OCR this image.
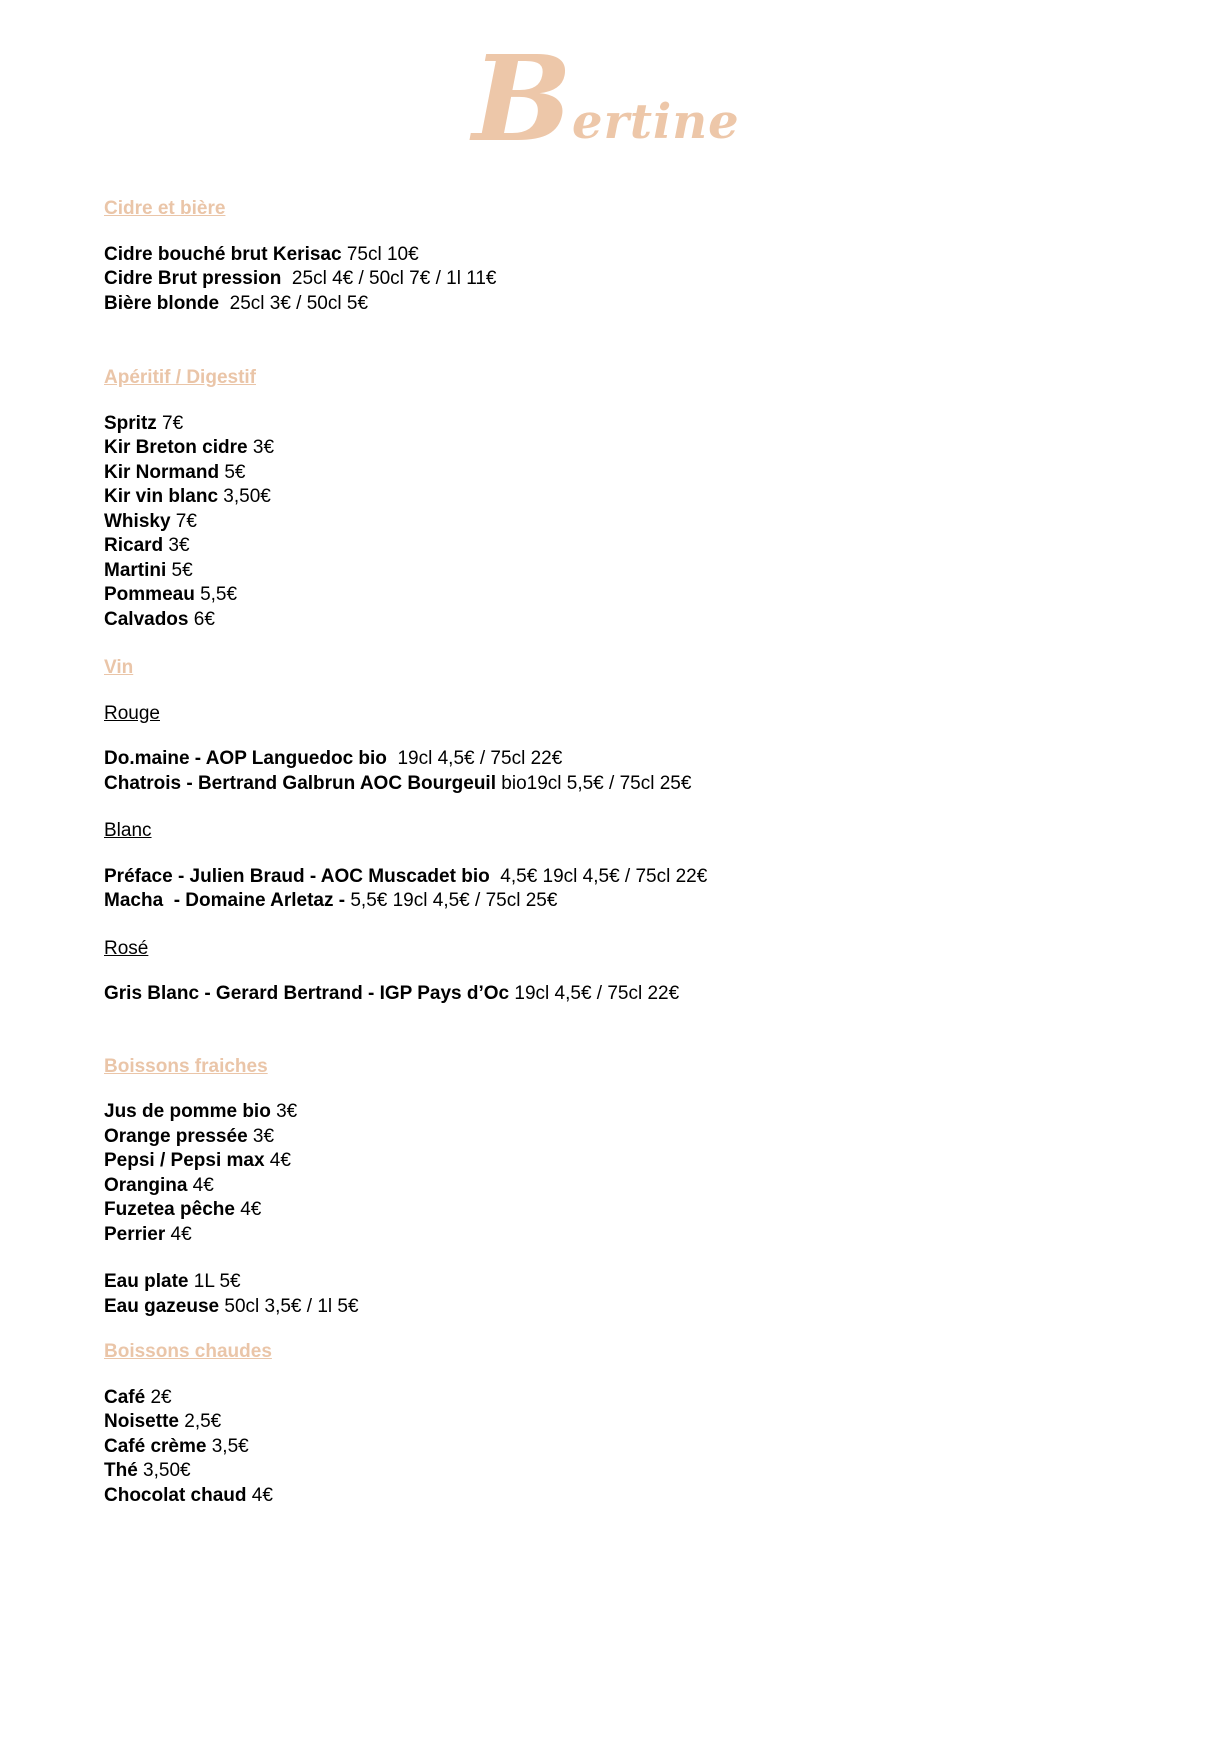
B ertine
Cidre et bière
Cidre bouché brut Kerisac 75cl 10€
Cidre Brut pression  25cl 4€ / 50cl 7€ / 1l 11€
Bière blonde  25cl 3€ / 50cl 5€
Apéritif / Digestif
Spritz 7€
Kir Breton cidre 3€
Kir Normand 5€
Kir vin blanc 3,50€
Whisky 7€
Ricard 3€
Martini 5€
Pommeau 5,5€
Calvados 6€
Vin
Rouge
Do.maine - AOP Languedoc bio  19cl 4,5€ / 75cl 22€
Chatrois - Bertrand Galbrun AOC Bourgeuil bio19cl 5,5€ / 75cl 25€
Blanc
Préface - Julien Braud - AOC Muscadet bio  4,5€ 19cl 4,5€ / 75cl 22€
Macha  - Domaine Arletaz - 5,5€ 19cl 4,5€ / 75cl 25€
Rosé
Gris Blanc - Gerard Bertrand - IGP Pays d’Oc 19cl 4,5€ / 75cl 22€
Boissons fraiches
Jus de pomme bio 3€
Orange pressée 3€
Pepsi / Pepsi max 4€
Orangina 4€
Fuzetea pêche 4€
Perrier 4€
Eau plate 1L 5€
Eau gazeuse 50cl 3,5€ / 1l 5€
Boissons chaudes
Café 2€
Noisette 2,5€
Café crème 3,5€
Thé 3,50€
Chocolat chaud 4€
